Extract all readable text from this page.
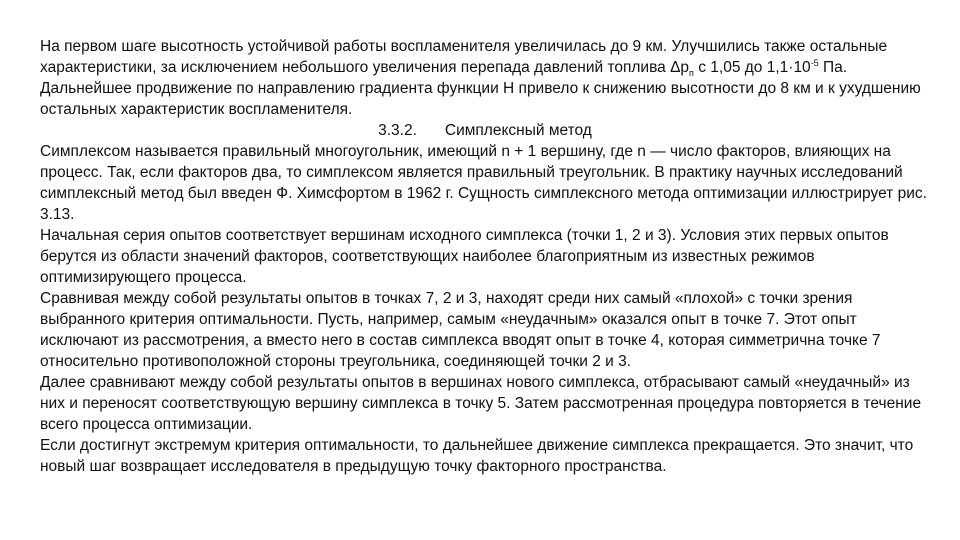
На первом шаге высотность устойчивой работы воспламенителя увеличилась до 9 км. Улучшились также остальные характеристики, за исключением небольшого увеличения перепада давлений топлива $\Delta p_п$ с 1,05 до $1,1\cdot 10^{-5}$ Па. Дальнейшее продвижение по направлению градиента функции H привело к снижению высотности до 8 км и к ухудшению остальных характеристик воспламенителя.

3.3.2. Симплексный метод

Симплексом называется правильный многоугольник, имеющий n + 1 вершину, где n — число факторов, влияющих на процесс. Так, если факторов два, то симплексом является правильный треугольник. В практику научных исследований симплексный метод был введен Ф. Химсфортом в 1962 г. Сущность симплексного метода оптимизации иллюстрирует рис. 3.13.

Начальная серия опытов соответствует вершинам исходного симплекса (точки 1, 2 и 3). Условия этих первых опытов берутся из области значений факторов, соответствующих наиболее благоприятным из известных режимов оптимизирующего процесса.

Сравнивая между собой результаты опытов в точках 7, 2 и 3, находят среди них самый «плохой» с точки зрения выбранного критерия оптимальности. Пусть, например, самым «неудачным» оказался опыт в точке 7. Этот опыт исключают из рассмотрения, а вместо него в состав симплекса вводят опыт в точке 4, которая симметрична точке 7 относительно противоположной стороны треугольника, соединяющей точки 2 и 3.

Далее сравнивают между собой результаты опытов в вершинах нового симплекса, отбрасывают самый «неудачный» из них и переносят соответствующую вершину симплекса в точку 5. Затем рассмотренная процедура повторяется в течение всего процесса оптимизации.

Если достигнут экстремум критерия оптимальности, то дальнейшее движение симплекса прекращается. Это значит, что новый шаг возвращает исследователя в предыдущую точку факторного пространства.
